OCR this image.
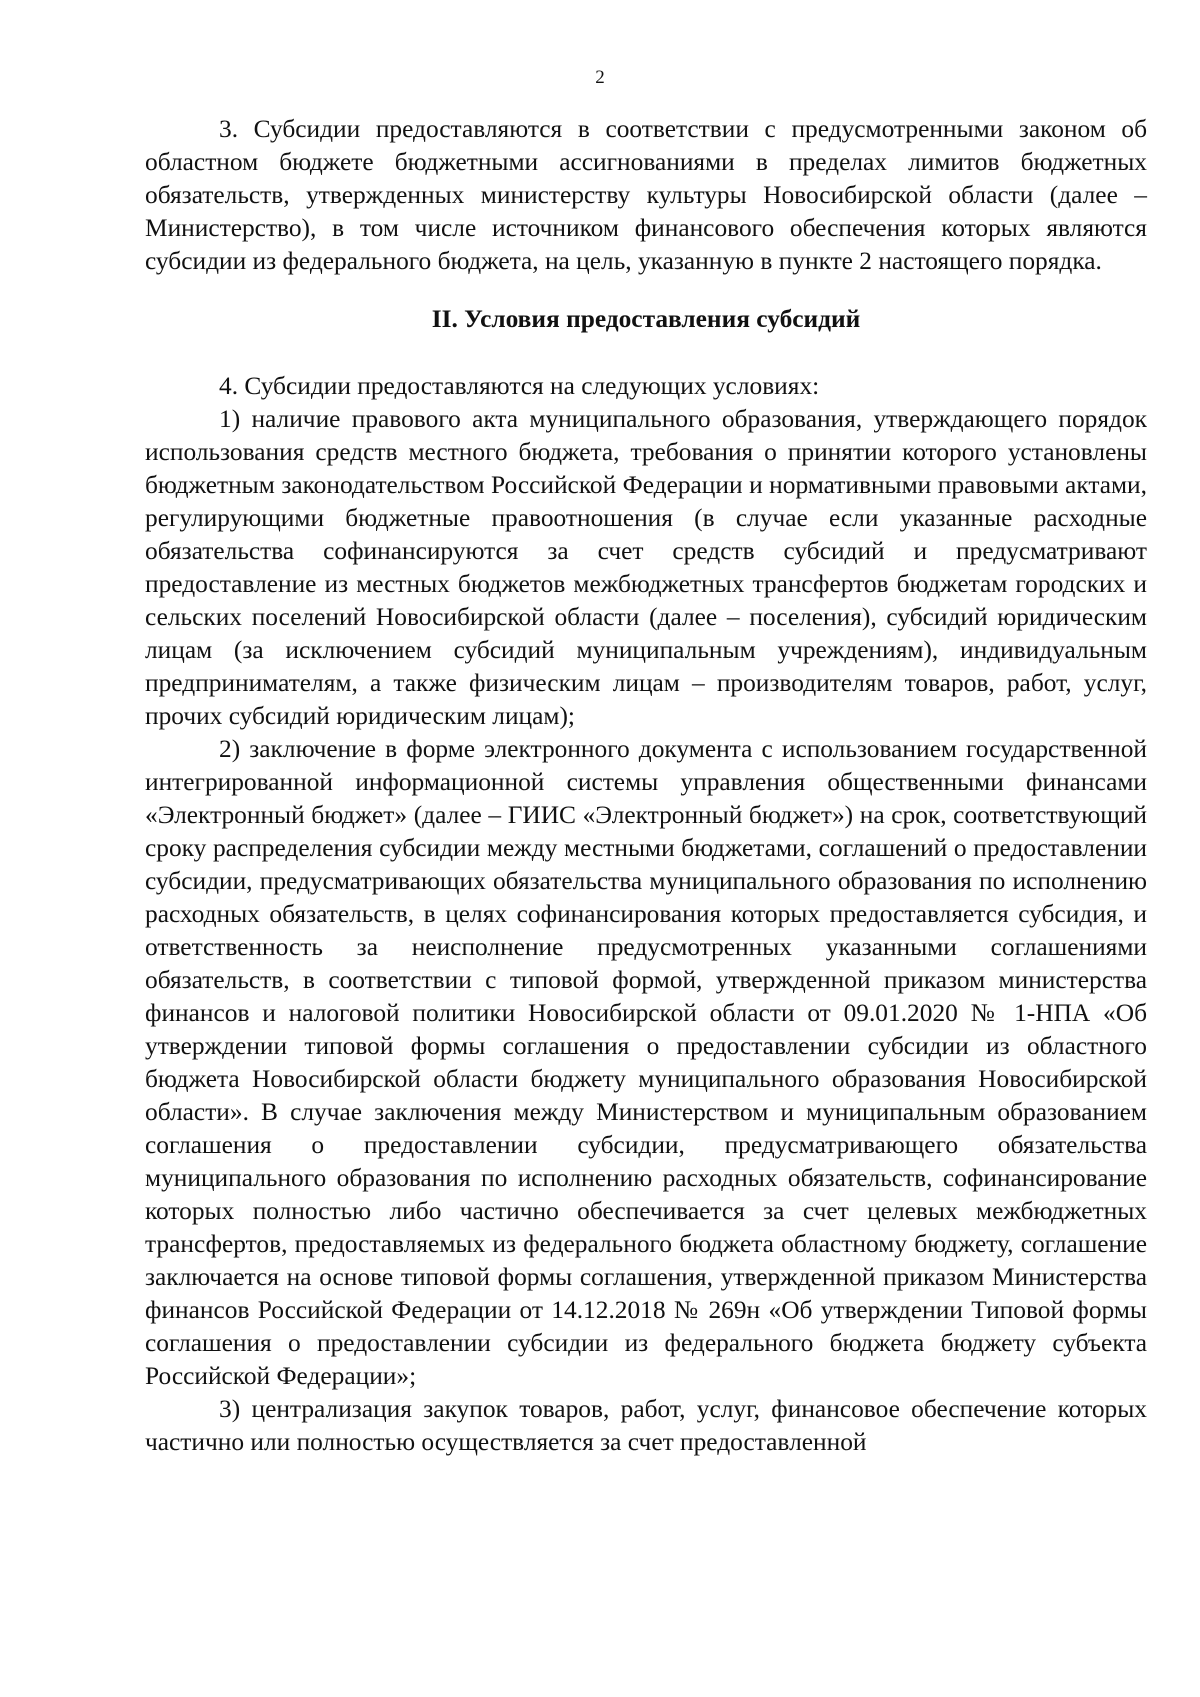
2

3. Субсидии предоставляются в соответствии с предусмотренными законом об областном бюджете бюджетными ассигнованиями в пределах лимитов бюджетных обязательств, утвержденных министерству культуры Новосибирской области (далее – Министерство), в том числе источником финансового обеспечения которых являются субсидии из федерального бюджета, на цель, указанную в пункте 2 настоящего порядка.

II. Условия предоставления субсидий

4. Субсидии предоставляются на следующих условиях:

1) наличие правового акта муниципального образования, утверждающего порядок использования средств местного бюджета, требования о принятии которого установлены бюджетным законодательством Российской Федерации и нормативными правовыми актами, регулирующими бюджетные правоотношения (в случае если указанные расходные обязательства софинансируются за счет средств субсидий и предусматривают предоставление из местных бюджетов межбюджетных трансфертов бюджетам городских и сельских поселений Новосибирской области (далее – поселения), субсидий юридическим лицам (за исключением субсидий муниципальным учреждениям), индивидуальным предпринимателям, а также физическим лицам – производителям товаров, работ, услуг, прочих субсидий юридическим лицам);

2) заключение в форме электронного документа с использованием государственной интегрированной информационной системы управления общественными финансами «Электронный бюджет» (далее – ГИИС «Электронный бюджет») на срок, соответствующий сроку распределения субсидии между местными бюджетами, соглашений о предоставлении субсидии, предусматривающих обязательства муниципального образования по исполнению расходных обязательств, в целях софинансирования которых предоставляется субсидия, и ответственность за неисполнение предусмотренных указанными соглашениями обязательств, в соответствии с типовой формой, утвержденной приказом министерства финансов и налоговой политики Новосибирской области от 09.01.2020 № 1-НПА «Об утверждении типовой формы соглашения о предоставлении субсидии из областного бюджета Новосибирской области бюджету муниципального образования Новосибирской области». В случае заключения между Министерством и муниципальным образованием соглашения о предоставлении субсидии, предусматривающего обязательства муниципального образования по исполнению расходных обязательств, софинансирование которых полностью либо частично обеспечивается за счет целевых межбюджетных трансфертов, предоставляемых из федерального бюджета областному бюджету, соглашение заключается на основе типовой формы соглашения, утвержденной приказом Министерства финансов Российской Федерации от 14.12.2018 № 269н «Об утверждении Типовой формы соглашения о предоставлении субсидии из федерального бюджета бюджету субъекта Российской Федерации»;

3) централизация закупок товаров, работ, услуг, финансовое обеспечение которых частично или полностью осуществляется за счет предоставленной
